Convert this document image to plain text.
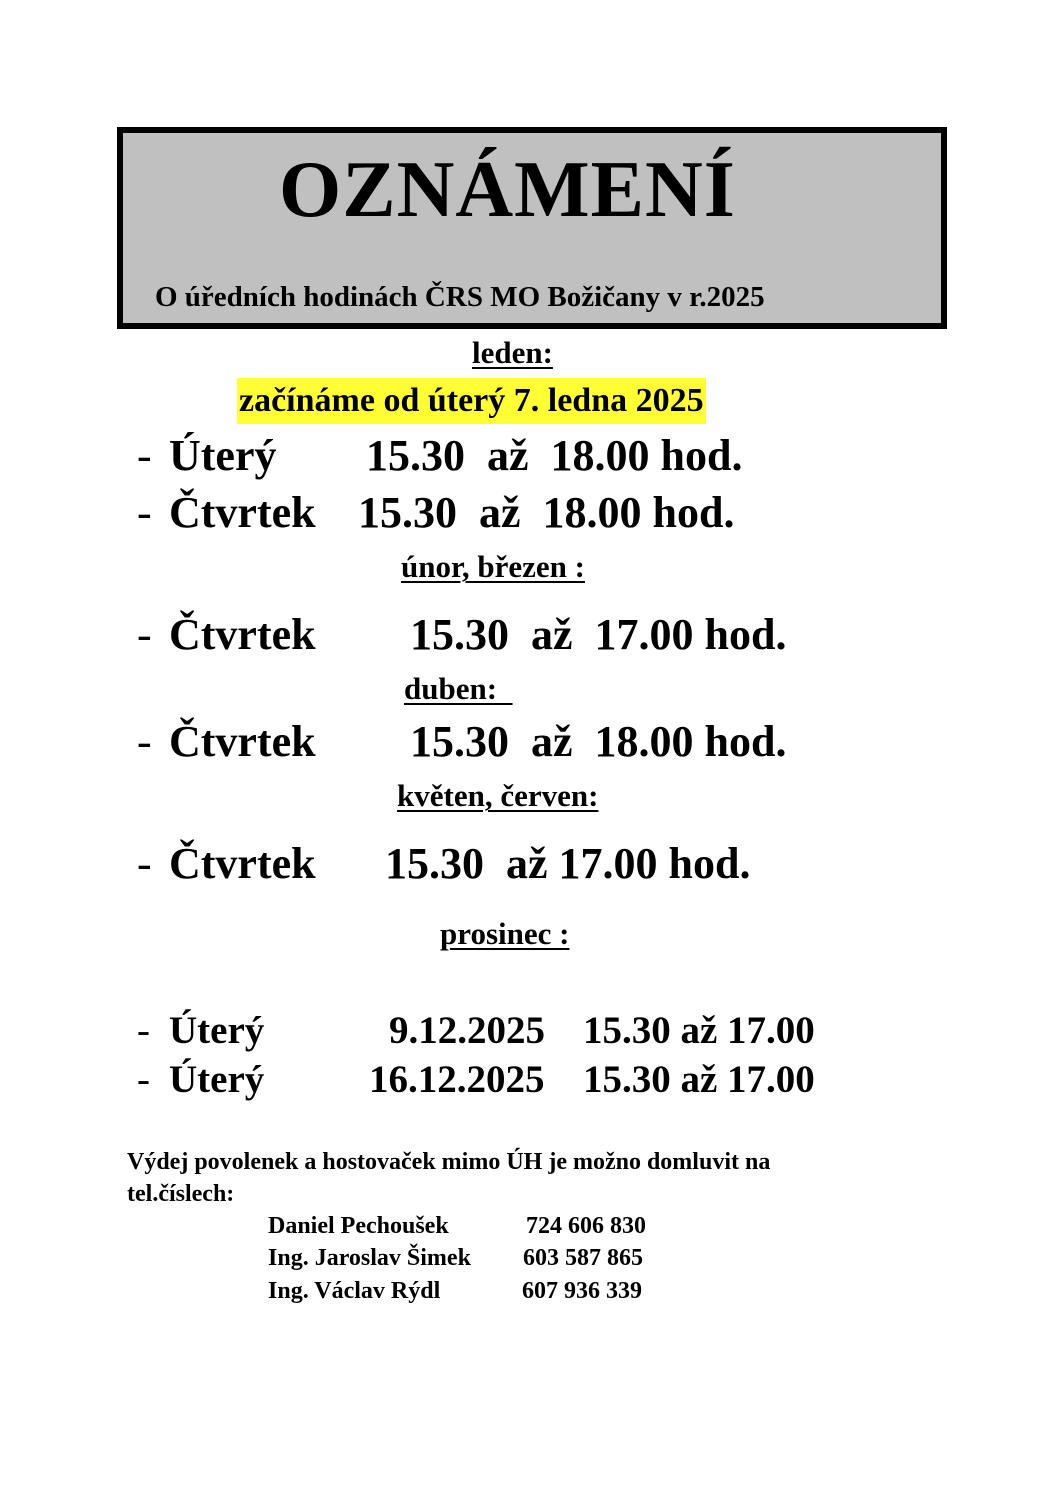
OZNÁMENÍ
O úředních hodinách ČRS MO Božičany v r.2025
leden:
začínáme od úterý 7. ledna 2025
- Úterý 15.30  až  18.00 hod.
- Čtvrtek 15.30  až  18.00 hod.
únor, březen :
- Čtvrtek 15.30  až  17.00 hod.
duben:
- Čtvrtek 15.30  až  18.00 hod.
květen, červen:
- Čtvrtek 15.30  až 17.00 hod.
prosinec :
- Úterý	9.12.2025 15.30 až 17.00
- Úterý	16.12.2025 15.30 až 17.00
Výdej povolenek a hostovaček mimo ÚH je možno domluvit na
tel.číslech:
Daniel Pechoušek	724 606 830
Ing. Jaroslav Šimek 603 587 865
Ing. Václav Rýdl	607 936 339
